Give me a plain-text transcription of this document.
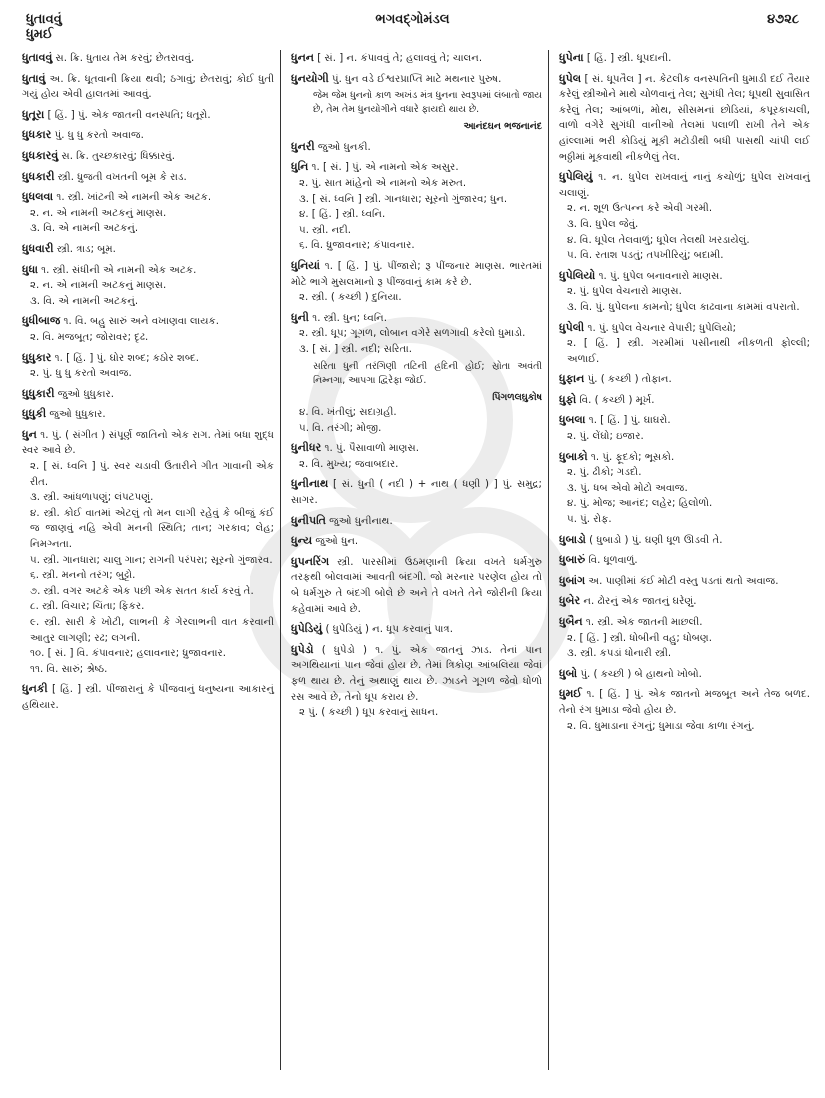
ધુતાવવું
ધુમઈ
ભગવદ્ગોમંડલ	૪૭૨૮
ધુતાવવું સ. ક્રિ. ધુતાય તેમ કરવું; છેતરાવવું.
ધુતાવું અ. ક્રિ. ધૂતવાની ક્રિયા થવી; ઠગાવું; છેતરાવું; કોઈ ધુતી ગયું હોય એવી હાલતમાં આવવું.
ધુતૂરા [ હિં. ] પું. એક જાતની વનસ્પતિ; ધતૂરો.
ધુધકાર પું. ધુ ધુ કરતો અવાજ.
ધુધકારવું સ. ક્રિ. તુચ્છકારવું; ધિક્કારવું.
ધુધકારી સ્ત્રી. ધ્રુજતી વખતની બૂમ કે રાડ.
ધુધલવા ૧. સ્ત્રી. ખાંટની એ નામની એક અટક.
૨. ન. એ નામની અટકનું માણસ.
૩. વિ. એ નામની અટકનું.
ધુધવારી સ્ત્રી. ત્રાડ; બૂમ.
ધુધા ૧. સ્ત્રી. સંધીની એ નામની એક અટક.
૨. ન. એ નામની અટકનું માણસ.
૩. વિ. એ નામની અટકનું.
ધુધીબાજ ૧. વિ. બહુ સારું અને વખાણવા લાયક.
૨. વિ. મજબૂત; જોરાવર; દૃઢ.
ધુધુકાર ૧. [ હિં. ] પું. ઘોર શબ્દ; કઠોર શબ્દ.
૨. પું. ધુ ધુ કરતો અવાજ.
ધુધુકારી જુઓ ધુધુકાર.
ધુધુકી જુઓ ધુધુકાર.
ધુન ૧. પું. ( સંગીત ) સંપૂર્ણ જાતિનો એક રાગ. તેમાં બધા શુદ્ધ સ્વર આવે છે.
૨. [ સં. ધ્વનિ ] પું. સ્વર ચડાવી ઉતારીને ગીત ગાવાની એક રીત.
૩. સ્ત્રી. આંધળાપણું; લંપટપણું.
૪. સ્ત્રી. કોઈ વાતમાં એટલું તો મન લાગી રહેવું કે બીજું કંઈ જ જાણવું નહિ એવી મનની સ્થિતિ; તાન; ગરકાવ; લેહ; નિમગ્નતા.
૫. સ્ત્રી. ગાનધારા; ચાલુ ગાન; રાગની પરંપરા; સૂરનો ગુંજારવ.
૬. સ્ત્રી. મનનો તરંગ; બુટ્ટો.
૭. સ્ત્રી. વગર અટકે એક પછી એક સતત કાર્ય કરવું તે.
૮. સ્ત્રી. વિચાર; ચિંતા; ફિકર.
૯. સ્ત્રી. સારી કે ખોટી, લાભની કે ગેરલાભની વાત કરવાની આતુર લાગણી; રઢ; લગની.
૧૦. [ સં. ] વિ. કંપાવનાર; હલાવનાર; ધ્રુજાવનાર.
૧૧. વિ. સારું; શ્રેષ્ઠ.
ધુનકી [ હિં. ] સ્ત્રી. પીંજારાનું કે પીંજવાનું ધનુષ્યના આકારનું હથિયાર.
ધુનન [ સં. ] ન. કંપાવવું તે; હલાવવું તે; ચાલન.
ધુનયોગી પું. ધુન વડે ઈશ્વરપ્રાપ્તિ માટે મથનાર પુરુષ.
જેમ જેમ ધુનનો કાળ અખંડ મંત્ર ધુનના સ્વરૂપમાં લંબાતો જાય છે, તેમ તેમ ધુનયોગીને વધારે ફાયદો થાય છે.
આનંદઘન ભજનાનંદ
ધુનરી જુઓ ધુનકી.
ધુનિ ૧. [ સં. ] પું. એ નામનો એક અસુર.
૨. પું. સાત માંહેનો એ નામનો એક મરુત.
૩. [ સં. ધ્વનિ ] સ્ત્રી. ગાનધારા; સૂરનો ગુંજારવ; ધુન.
૪. [ હિં. ] સ્ત્રી. ધ્વનિ.
૫. સ્ત્રી. નદી.
૬. વિ. ધ્રુજાવનાર; કંપાવનાર.
ધુનિયાં ૧. [ હિં. ] પું. પીંજારો; રૂ પીંજનાર માણસ. ભારતમાં મોટે ભાગે મુસલમાનો રૂ પીંજવાનું કામ કરે છે.
૨. સ્ત્રી. ( કચ્છી ) દુનિયા.
ધુની ૧. સ્ત્રી. ધુન; ધ્વનિ.
૨. સ્ત્રી. ધૂપ; ગૂગળ, લોબાન વગેરે સળગાવી કરેલો ધુમાડો.
૩. [ સં. ] સ્ત્રી. નદી; સરિતા.
સરિતા ધુની તરંગિણી તટિની હ્રદિની હોઈ; સ્રોતા અવંતી નિમ્નગા, આપગા દ્વિરેફા જોઈ.
પિંગળલઘુકોષ
૪. વિ. ખંતીલું; સદાગ્રહી.
૫. વિ. તરંગી; મોજી.
ધુનીધર ૧. પું. પૈસાવાળો માણસ.
૨. વિ. મુખ્ય; જવાબદાર.
ધુનીનાથ [ સં. ધુની ( નદી ) + નાથ ( ધણી ) ] પું. સમુદ્ર; સાગર.
ધુનીપતિ જુઓ ધુનીનાથ.
ધુન્ય જુઓ ધુન.
ધુપનરિંગ સ્ત્રી. પારસીમાં ઉઠમણાની ક્રિયા વખતે ધર્મગુરુ તરફથી બોલવામાં આવતી બંદગી. જો મરનાર પરણેલ હોય તો બે ધર્મગુરુ તે બંદગી બોલે છે અને તે વખતે તેને જોરીની ક્રિયા કહેવામાં આવે છે.
ધુપેડિયું ( ધુપેડિયું ) ન. ધૂપ કરવાનું પાત્ર.
ધુપેડો ( ધુપેડો ) ૧. પું. એક જાતનું ઝાડ. તેનાં પાન અગથિયાનાં પાન જેવાં હોય છે. તેમાં ત્રિકોણ આંબલિયા જેવાં ફળ થાય છે. તેનું અથાણું થાય છે. ઝાડને ગૂગળ જેવો ધોળો રસ આવે છે, તેનો ધૂપ કરાય છે.
૨ પું. ( કચ્છી ) ધૂપ કરવાનું સાધન.
ધુપેના [ હિં. ] સ્ત્રી. ધૂપદાની.
ધુપેલ [ સં. ધૂપતૈલ ] ન. કેટલીક વનસ્પતિની ધુમાડી દઈ તૈયાર કરેલું સ્ત્રીઓને માથે ચોળવાનું તેલ; સુગંધી તેલ; ધૂપથી સુવાસિત કરેલું તેલ; આંબળાં, મોથ, સીસમનાં છોડિયાં, કપૂરકાચલી, વાળો વગેરે સુગંધી વાનીઓ તેલમાં પલાળી રાખી તેને એક હાંલ્લામાં ભરી કોડિયું મૂકી મટોડીથી બધી પાસથી ચાંપી લઈ ભઠ્ઠીમાં મૂકવાથી નીકળેલું તેલ.
ધુપેલિયું ૧. ન. ધુપેલ રાખવાનું નાનું કચોળું; ધુપેલ રાખવાનું ચલાણું.
૨. ન. શૂળ ઉત્પન્ન કરે એવી ગરમી.
૩. વિ. ધુપેલ જેવું.
૪. વિ. ધૂપેલ તેલવાળું; ધૂપેલ તેલથી ખરડાયેલું.
૫. વિ. રતાશ પડતું; તપખીરિયું; બદામી.
ધુપેલિયો ૧. પું. ધુપેલ બનાવનારો માણસ.
૨. પું. ધુપેલ વેચનારો માણસ.
૩. વિ. પું. ધુપેલના કામનો; ધુપેલ કાઢવાના કામમાં વપરાતો.
ધુપેલી ૧. પું. ધુપેલ વેચનાર વેપારી; ધુપેલિયો;
૨. [ હિં. ] સ્ત્રી. ગરમીમાં પસીનાથી નીકળતી ફોલ્લી; અળાઈ.
ધુફાન પું. ( કચ્છી ) તોફાન.
ધુફો વિ. ( કચ્છી ) મૂર્ખ.
ધુબલા ૧. [ હિં. ] પું. ઘાઘરો.
૨. પું. લેંઘો; ઇજાર.
ધુબાકો ૧. પું. ફૂદકો; ભૂસકો.
૨. પું. ઢીકો; ગડદો.
૩. પું. ધબ એવો મોટો અવાજ.
૪. પું. મોજ; આનંદ; લહેર; હિલોળો.
૫. પું. રોફ.
ધુબાડો ( ધુબાડો ) પું. ઘણી ધૂળ ઊડવી તે.
ધુબારું વિ. ધૂળવાળું.
ધુબાંગ અ. પાણીમાં કંઈ મોટી વસ્તુ પડતાં થતો અવાજ.
ધુબેર ન. ઢોરનું એક જાતનું ઘરેણું.
ધુબૈન ૧. સ્ત્રી. એક જાતની માછલી.
૨. [ હિં. ] સ્ત્રી. ધોબીની વહુ; ધોબણ.
૩. સ્ત્રી. કપડાં ધોનારી સ્ત્રી.
ધુબો પું. ( કચ્છી ) બે હાથનો ખોબો.
ધુમઈ ૧. [ હિં. ] પું. એક જાતનો મજબૂત અને તેજ બળદ. તેનો રંગ ધુમાડા જેવો હોય છે.
૨. વિ. ધુમાડાના રંગનું; ધુમાડા જેવા કાળા રંગનું.
